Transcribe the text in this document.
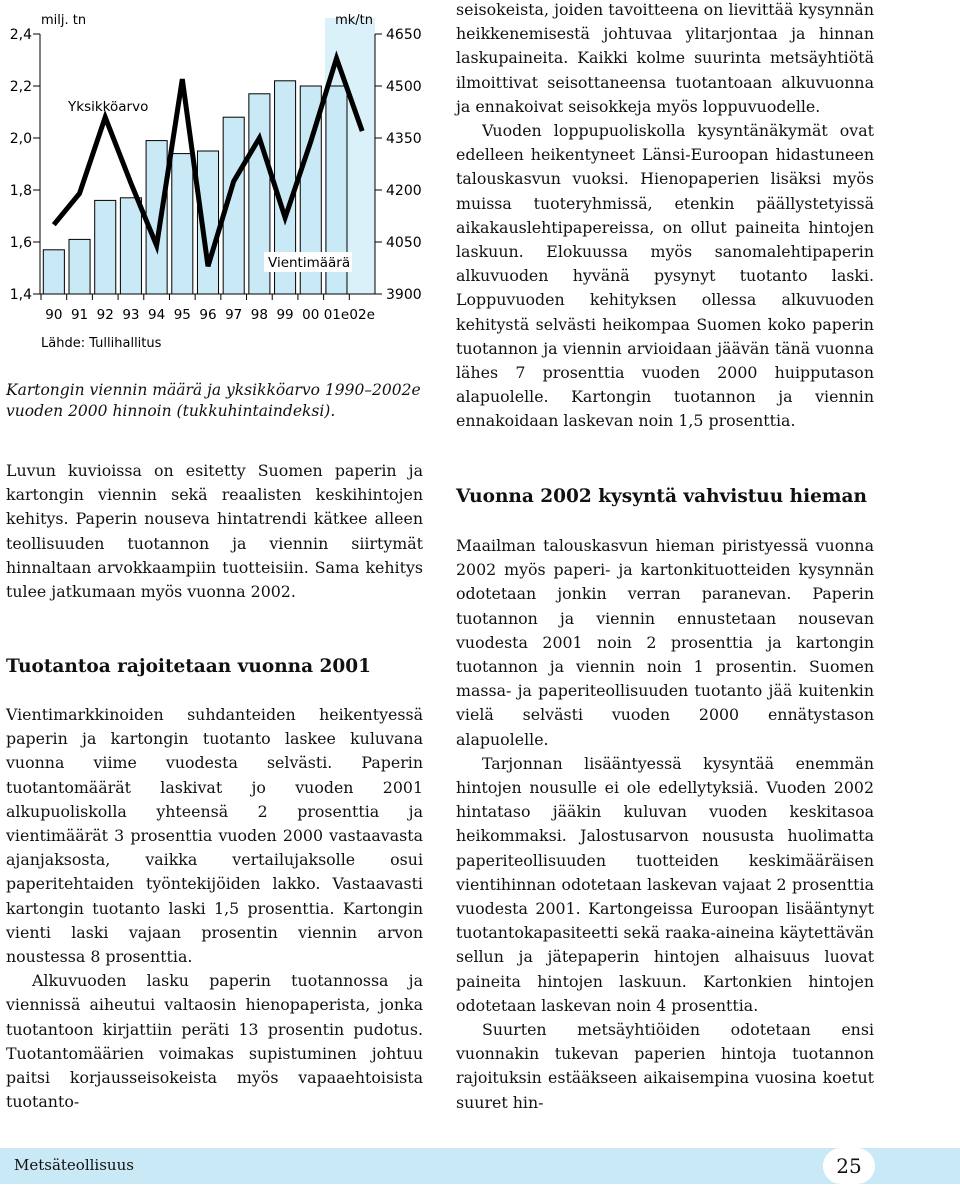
2,4
2,2
2,0
1,8
1,6
1,4
4650
4500
4350
4200
4050
3900
90 91 92 93 94 95 96 97 98 99 00 01e 02e
milj. tn	mk/tn
Yksikköarvo
Vientimäärä
Lähde: Tullihallitus
Kartongin viennin määrä ja yksikköarvo 1990–2002e vuoden 2000 hinnoin (tukkuhintaindeksi).

Luvun kuvioissa on esitetty Suomen paperin ja kartongin viennin sekä reaalisten keskihintojen kehitys. Paperin nouseva hintatrendi kätkee alleen teollisuuden tuotannon ja viennin siirtymät hinnaltaan arvokkaampiin tuotteisiin. Sama kehitys tulee jatkumaan myös vuonna 2002.

Tuotantoa rajoitetaan vuonna 2001

Vientimarkkinoiden suhdanteiden heikentyessä paperin ja kartongin tuotanto laskee kuluvana vuonna viime vuodesta selvästi. Paperin tuotantomäärät laskivat jo vuoden 2001 alkupuoliskolla yhteensä 2 prosenttia ja vientimäärät 3 prosenttia vuoden 2000 vastaavasta ajanjaksosta, vaikka vertailujaksolle osui paperitehtaiden työntekijöiden lakko. Vastaavasti kartongin tuotanto laski 1,5 prosenttia. Kartongin vienti laski vajaan prosentin viennin arvon noustessa 8 prosenttia.

Alkuvuoden lasku paperin tuotannossa ja viennissä aiheutui valtaosin hienopaperista, jonka tuotantoon kirjattiin peräti 13 prosentin pudotus. Tuotantomäärien voimakas supistuminen johtuu paitsi korjausseisokeista myös vapaaehtoisista tuotanto-

seisokeista, joiden tavoitteena on lievittää kysynnän heikkenemisestä johtuvaa ylitarjontaa ja hinnan laskupaineita. Kaikki kolme suurinta metsäyhtiötä ilmoittivat seisottaneensa tuotantoaan alkuvuonna ja ennakoivat seisokkeja myös loppuvuodelle.

Vuoden loppupuoliskolla kysyntänäkymät ovat edelleen heikentyneet Länsi-Euroopan hidastuneen talouskasvun vuoksi. Hienopaperien lisäksi myös muissa tuoteryhmissä, etenkin päällystetyissä aikakauslehtipapereissa, on ollut paineita hintojen laskuun. Elokuussa myös sanomalehtipaperin alkuvuoden hyvänä pysynyt tuotanto laski. Loppuvuoden kehityksen ollessa alkuvuoden kehitystä selvästi heikompaa Suomen koko paperin tuotannon ja viennin arvioidaan jäävän tänä vuonna lähes 7 prosenttia vuoden 2000 huipputason alapuolelle. Kartongin tuotannon ja viennin ennakoidaan laskevan noin 1,5 prosenttia.

Vuonna 2002 kysyntä vahvistuu hieman

Maailman talouskasvun hieman piristyessä vuonna 2002 myös paperi- ja kartonkituotteiden kysynnän odotetaan jonkin verran paranevan. Paperin tuotannon ja viennin ennustetaan nousevan vuodesta 2001 noin 2 prosenttia ja kartongin tuotannon ja viennin noin 1 prosentin. Suomen massa- ja paperiteollisuuden tuotanto jää kuitenkin vielä selvästi vuoden 2000 ennätystason alapuolelle.

Tarjonnan lisääntyessä kysyntää enemmän hintojen nousulle ei ole edellytyksiä. Vuoden 2002 hintataso jääkin kuluvan vuoden keskitasoa heikommaksi. Jalostusarvon noususta huolimatta paperiteollisuuden tuotteiden keskimääräisen vientihinnan odotetaan laskevan vajaat 2 prosenttia vuodesta 2001. Kartongeissa Euroopan lisääntynyt tuotantokapasiteetti sekä raaka-aineina käytettävän sellun ja jätepaperin hintojen alhaisuus luovat paineita hintojen laskuun. Kartonkien hintojen odotetaan laskevan noin 4 prosenttia.

Suurten metsäyhtiöiden odotetaan ensi vuonnakin tukevan paperien hintoja tuotannon rajoituksin estääkseen aikaisempina vuosina koetut suuret hin-

Metsäteollisuus	25
